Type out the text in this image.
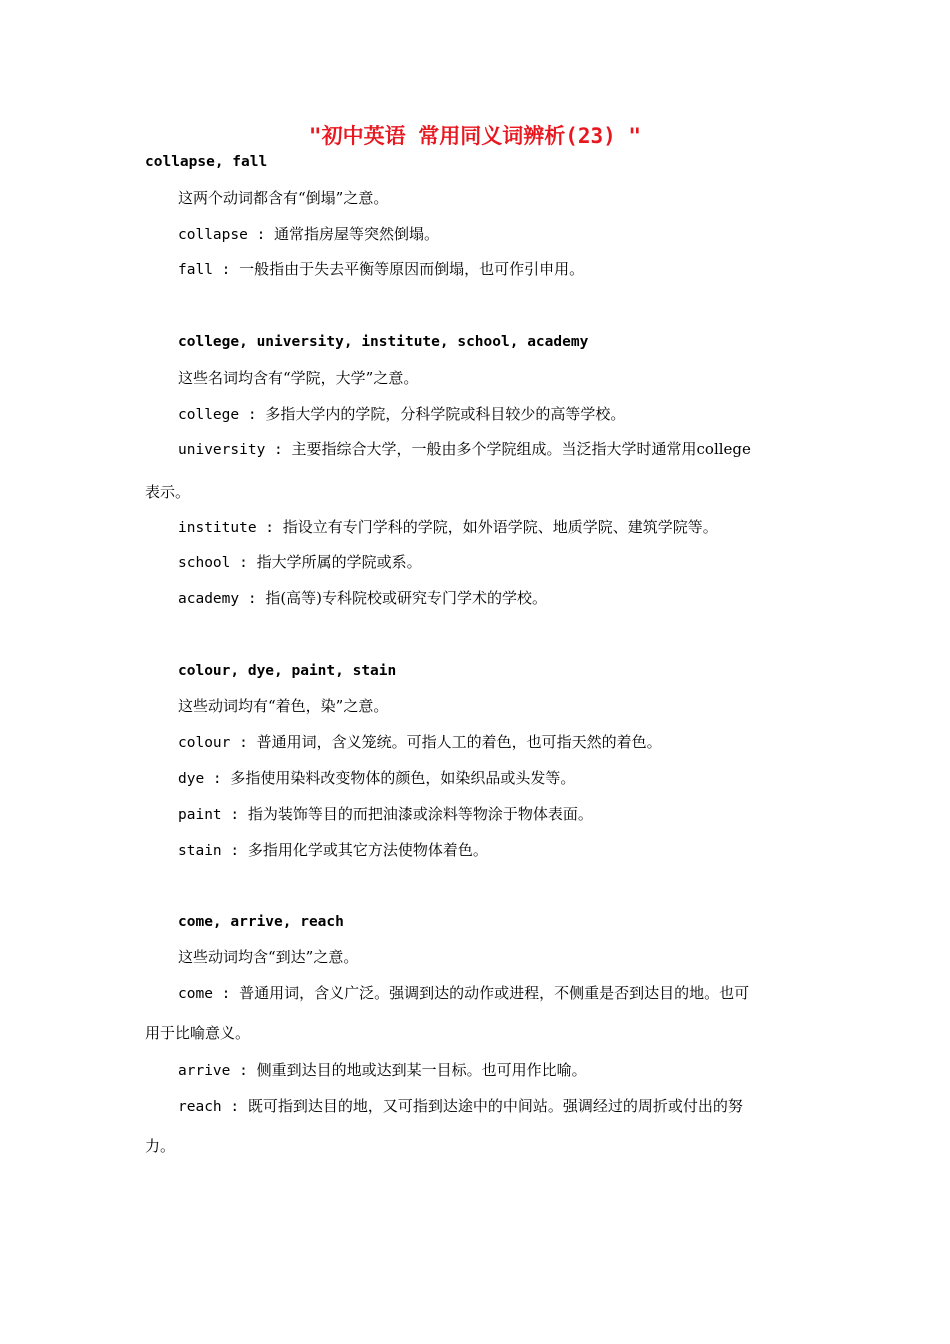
"初中英语 常用同义词辨析(23) "
collapse, fall
这两个动词都含有“倒塌”之意。
collapse : 通常指房屋等突然倒塌。
fall : 一般指由于失去平衡等原因而倒塌，也可作引申用。
college, university, institute, school, academy
这些名词均含有“学院，大学”之意。
college : 多指大学内的学院，分科学院或科目较少的高等学校。
university : 主要指综合大学，一般由多个学院组成。当泛指大学时通常用college
表示。
institute : 指设立有专门学科的学院，如外语学院、地质学院、建筑学院等。
school : 指大学所属的学院或系。
academy : 指(高等)专科院校或研究专门学术的学校。
colour, dye, paint, stain
这些动词均有“着色，染”之意。
colour : 普通用词，含义笼统。可指人工的着色，也可指天然的着色。
dye : 多指使用染料改变物体的颜色，如染织品或头发等。
paint : 指为装饰等目的而把油漆或涂料等物涂于物体表面。
stain : 多指用化学或其它方法使物体着色。
come, arrive, reach
这些动词均含“到达”之意。
come : 普通用词，含义广泛。强调到达的动作或进程，不侧重是否到达目的地。也可
用于比喻意义。
arrive : 侧重到达目的地或达到某一目标。也可用作比喻。
reach : 既可指到达目的地，又可指到达途中的中间站。强调经过的周折或付出的努
力。
